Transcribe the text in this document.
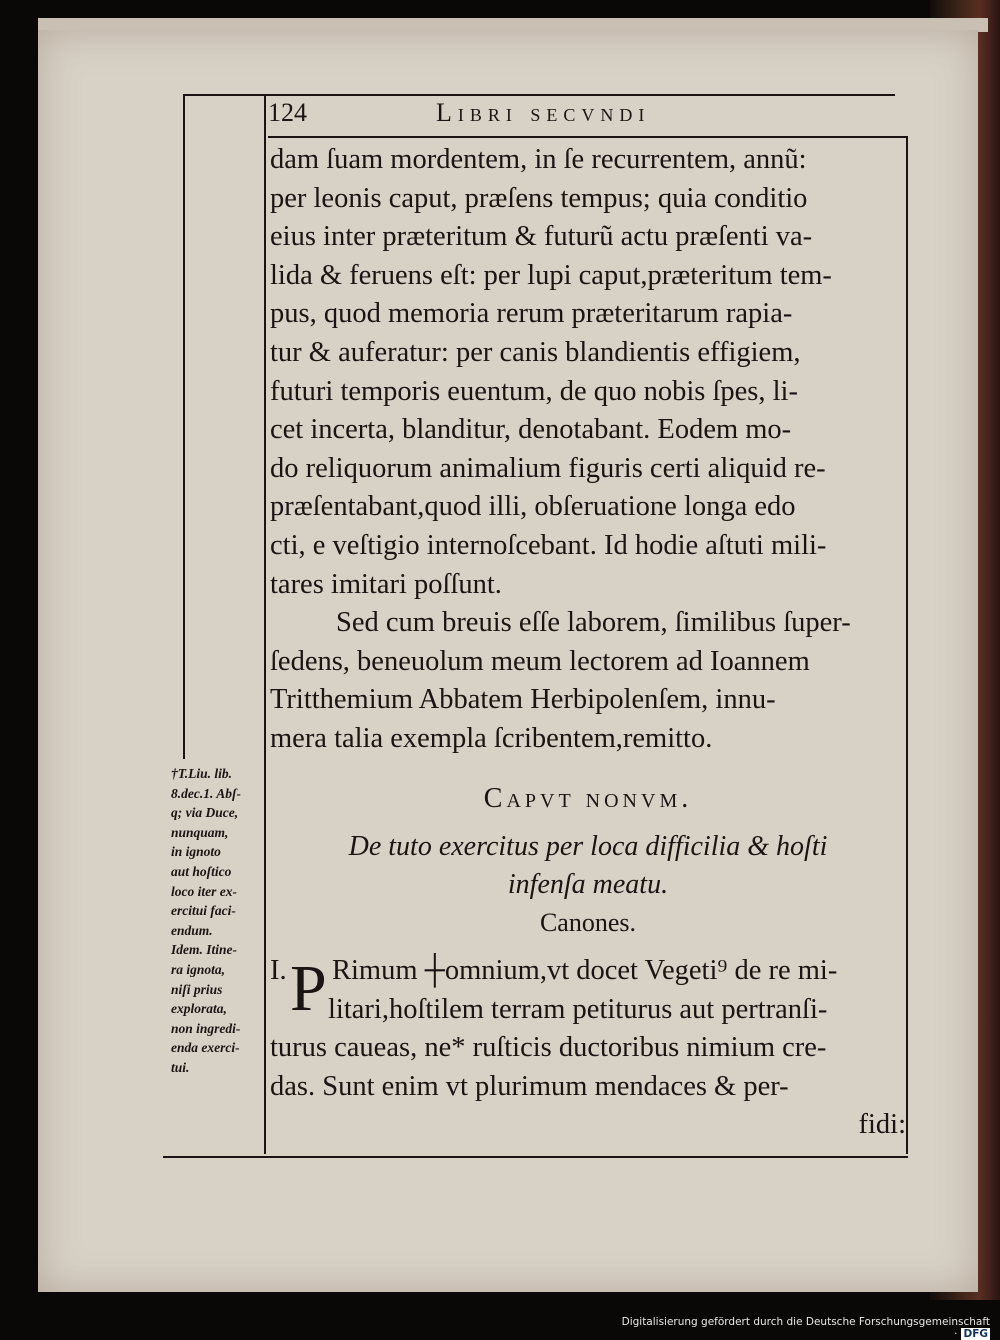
124	Libri secvndi
dam ſuam mordentem, in ſe recurrentem, annũ:
per leonis caput, præſens tempus; quia conditio
eius inter præteritum & futurũ actu præſenti va-
lida & feruens eſt: per lupi caput,præteritum tem-
pus, quod memoria rerum præteritarum rapia-
tur & auferatur: per canis blandientis effigiem,
futuri temporis euentum, de quo nobis ſpes, li-
cet incerta, blanditur, denotabant. Eodem mo-
do reliquorum animalium figuris certi aliquid re-
præſentabant,quod illi, obſeruatione longa edo
cti, e veſtigio internoſcebant. Id hodie aſtuti mili-
tares imitari poſſunt.
Sed cum breuis eſſe laborem, ſimilibus ſuper-
ſedens, beneuolum meum lectorem ad Ioannem
Tritthemium Abbatem Herbipolenſem, innu-
mera talia exempla ſcribentem,remitto.
Capvt nonvm.
De tuto exercitus per loca difficilia & hoſti
infenſa meatu.
Canones.
I. Rimum ┼omnium,vt docet Vegeti⁹ de re mi-
litari,hoſtilem terram petiturus aut pertranſi-
turus caueas, ne* ruſticis ductoribus nimium cre-
das. Sunt enim vt plurimum mendaces & per-
fidi:
P
†T.Liu. lib.
8.dec.1. Abſ-
q; via Duce,
nunquam,
in ignoto
aut hoſtico
loco iter ex-
ercitui faci-
endum.
Idem. Itine-
ra ignota,
niſi prius
explorata,
non ingredi-
enda exerci-
tui.
Digitalisierung gefördert durch die Deutsche Forschungsgemeinschaft · DFG
